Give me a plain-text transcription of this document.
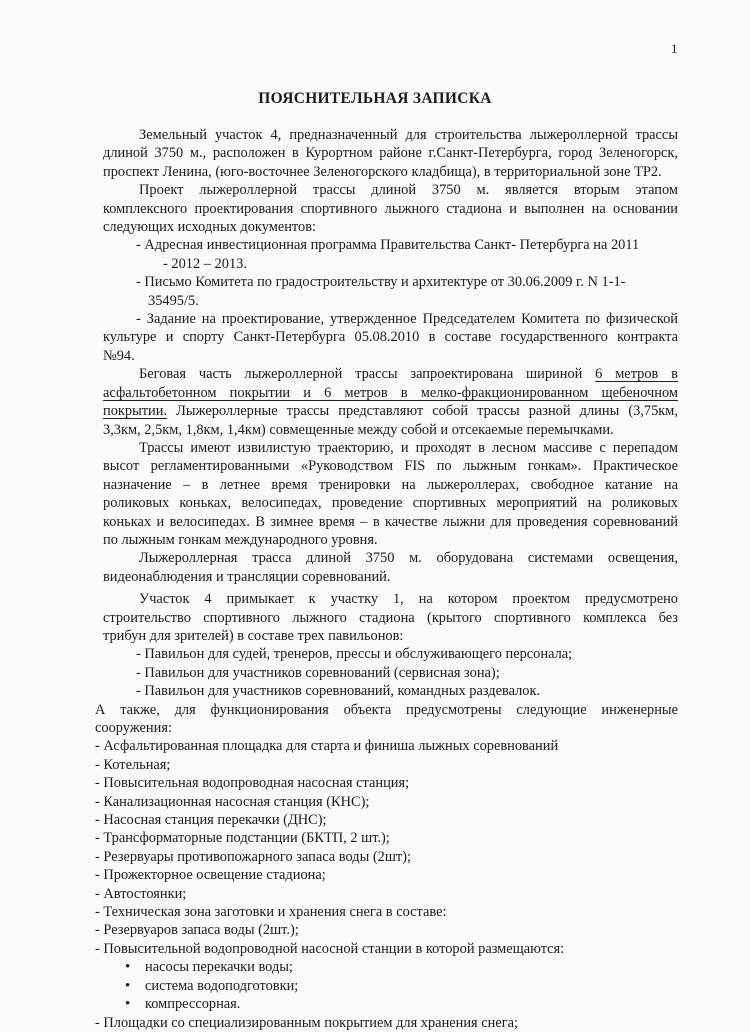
1
ПОЯСНИТЕЛЬНАЯ ЗАПИСКА

Земельный участок 4, предназначенный для строительства лыжероллерной трассы

длиной 3750 м., расположен в Курортном районе г.Санкт-Петербурга, город Зеленогорск,

проспект Ленина, (юго-восточнее Зеленогорского кладбища), в территориальной зоне ТР2.

Проект лыжероллерной трассы длиной 3750 м. является вторым этапом

комплексного проектирования спортивного лыжного стадиона и выполнен на основании

следующих исходных документов:

- Адресная инвестиционная программа Правительства Санкт- Петербурга на 2011

- 2012 – 2013.

- Письмо Комитета по градостроительству и архитектуре от 30.06.2009 г. N 1-1-

35495/5.

- Задание на проектирование, утвержденное Председателем Комитета по физической

культуре и спорту Санкт-Петербурга 05.08.2010 в составе государственного контракта

№94.

Беговая часть лыжероллерной трассы запроектирована шириной 6 метров в

асфальтобетонном покрытии и 6 метров в мелко-фракционированном щебеночном

покрытии. Лыжероллерные трассы представляют собой трассы разной длины (3,75км,

3,3км, 2,5км, 1,8км, 1,4км) совмещенные между собой и отсекаемые перемычками.

Трассы имеют извилистую траекторию, и проходят в лесном массиве с перепадом

высот регламентированными «Руководством FIS по лыжным гонкам». Практическое

назначение – в летнее время тренировки на лыжероллерах, свободное катание на

роликовых коньках, велосипедах, проведение спортивных мероприятий на роликовых

коньках и велосипедах. В зимнее время – в качестве лыжни для проведения соревнований

по лыжным гонкам международного уровня.

Лыжероллерная трасса длиной 3750 м. оборудована системами освещения,

видеонаблюдения и трансляции соревнований.

Участок 4 примыкает к участку 1, на котором проектом предусмотрено

строительство спортивного лыжного стадиона (крытого спортивного комплекса без

трибун для зрителей) в составе трех павильонов:

- Павильон для судей, тренеров, прессы и обслуживающего персонала;

- Павильон для участников соревнований (сервисная зона);

- Павильон для участников соревнований, командных раздевалок.

А также, для функционирования объекта предусмотрены следующие инженерные

сооружения:

- Асфальтированная площадка для старта и финиша лыжных соревнований

- Котельная;

- Повысительная водопроводная насосная станция;

- Канализационная насосная станция (КНС);

- Насосная станция перекачки (ДНС);

- Трансформаторные подстанции (БКТП, 2 шт.);

- Резервуары противопожарного запаса воды (2шт);

- Прожекторное освещение стадиона;

- Автостоянки;

- Техническая зона заготовки и хранения снега в составе:

- Резервуаров запаса воды (2шт.);

- Повысительной водопроводной насосной станции в которой размещаются:

• насосы перекачки воды;
• система водоподготовки;
• компрессорная.

- Площадки со специализированным покрытием для хранения снега;
